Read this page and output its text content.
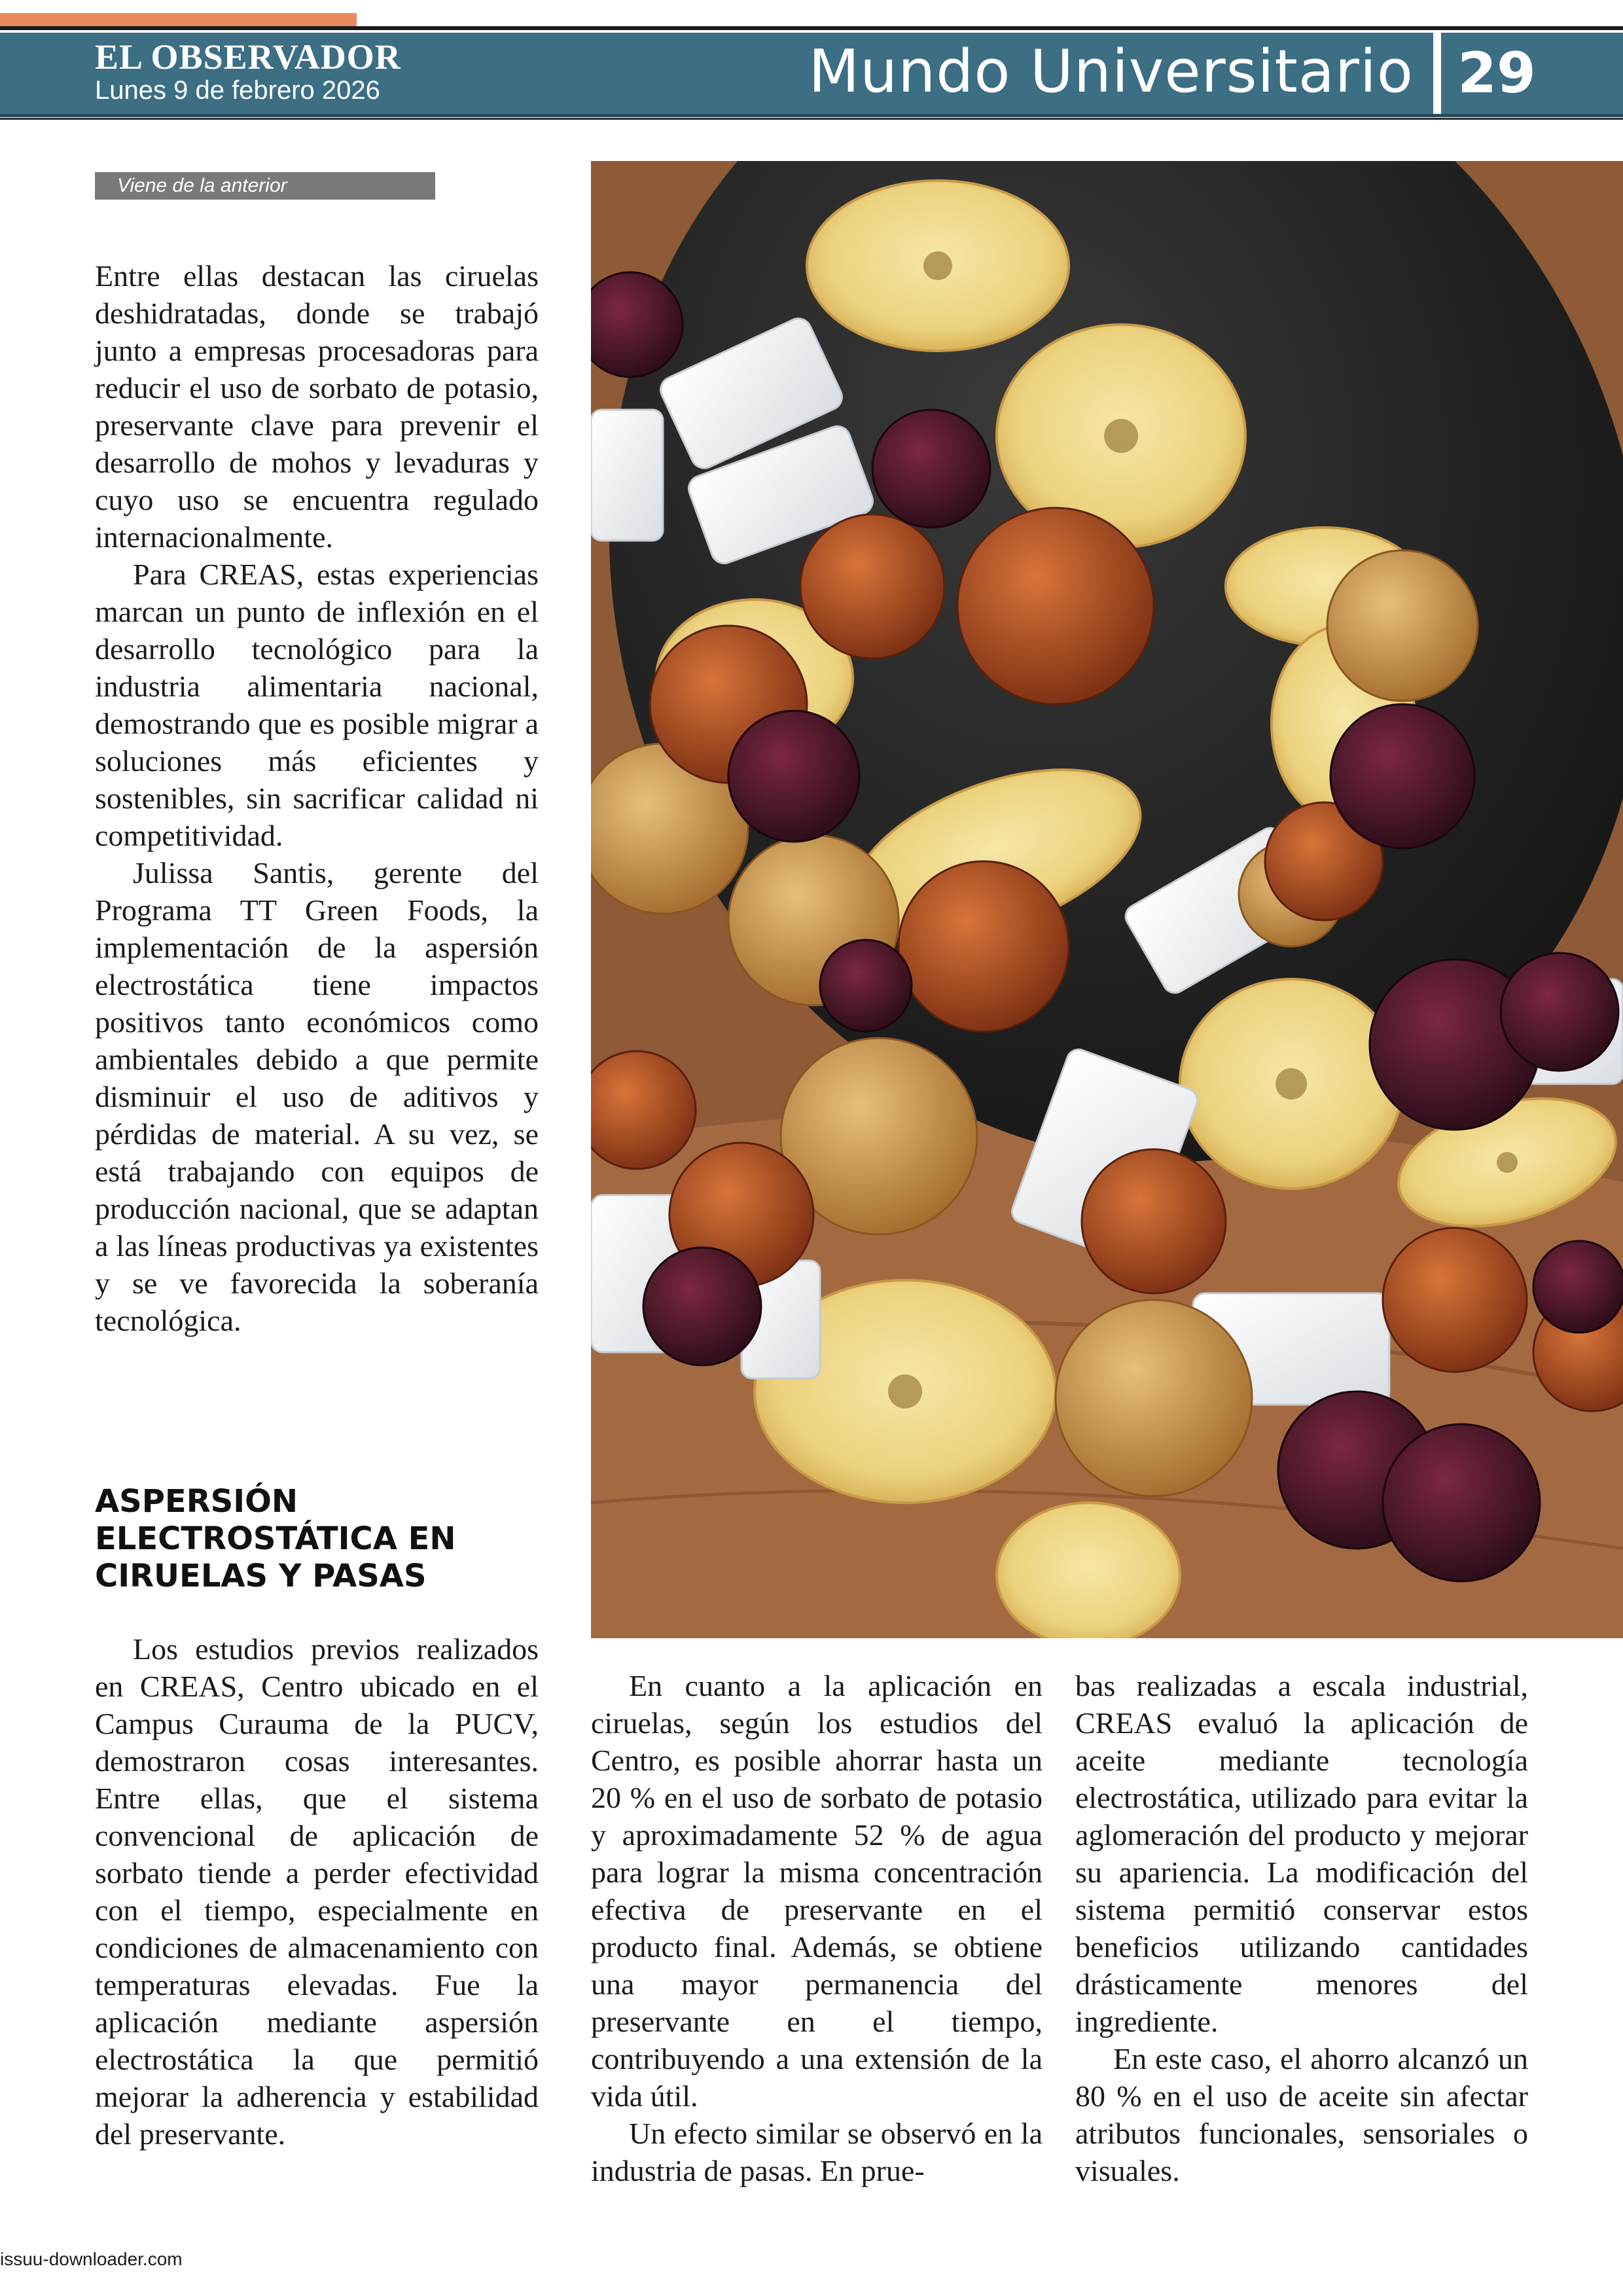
EL OBSERVADOR
Lunes 9 de febrero 2026	Mundo Universitario 29
Viene de la anterior

Entre ellas destacan las ciruelas deshidratadas, donde se trabajó junto a empresas procesadoras para reducir el uso de sorbato de potasio, preservante clave para prevenir el desarrollo de mohos y levaduras y cuyo uso se encuentra regulado internacionalmente.

Para CREAS, estas experiencias marcan un punto de inflexión en el desarrollo tecnológico para la industria alimentaria nacional, demostrando que es posible migrar a soluciones más eficientes y sostenibles, sin sacrificar calidad ni competitividad.

Julissa Santis, gerente del Programa TT Green Foods, la implementación de la aspersión electrostática tiene impactos positivos tanto económicos como ambientales debido a que permite disminuir el uso de aditivos y pérdidas de material. A su vez, se está trabajando con equipos de producción nacional, que se adaptan a las líneas productivas ya existentes y se ve favorecida la soberanía tecnológica.

ASPERSIÓN
ELECTROSTÁTICA EN
CIRUELAS Y PASAS

Los estudios previos realizados en CREAS, Centro ubicado en el Campus Curauma de la PUCV, demostraron cosas interesantes. Entre ellas, que el sistema convencional de aplicación de sorbato tiende a perder efectividad con el tiempo, especialmente en condiciones de almacenamiento con temperaturas elevadas. Fue la aplicación mediante aspersión electrostática la que permitió mejorar la adherencia y estabilidad del preservante.

En cuanto a la aplicación en ciruelas, según los estudios del Centro, es posible ahorrar hasta un 20 % en el uso de sorbato de potasio y aproximadamente 52 % de agua para lograr la misma concentración efectiva de preservante en el producto final. Además, se obtiene una mayor permanencia del preservante en el tiempo, contribuyendo a una extensión de la vida útil.

Un efecto similar se observó en la industria de pasas. En prue-

bas realizadas a escala industrial, CREAS evaluó la aplicación de aceite mediante tecnología electrostática, utilizado para evitar la aglomeración del producto y mejorar su apariencia. La modificación del sistema permitió conservar estos beneficios utilizando cantidades drásticamente menores del ingrediente.

En este caso, el ahorro alcanzó un 80 % en el uso de aceite sin afectar atributos funcionales, sensoriales o visuales.

issuu-downloader.com
